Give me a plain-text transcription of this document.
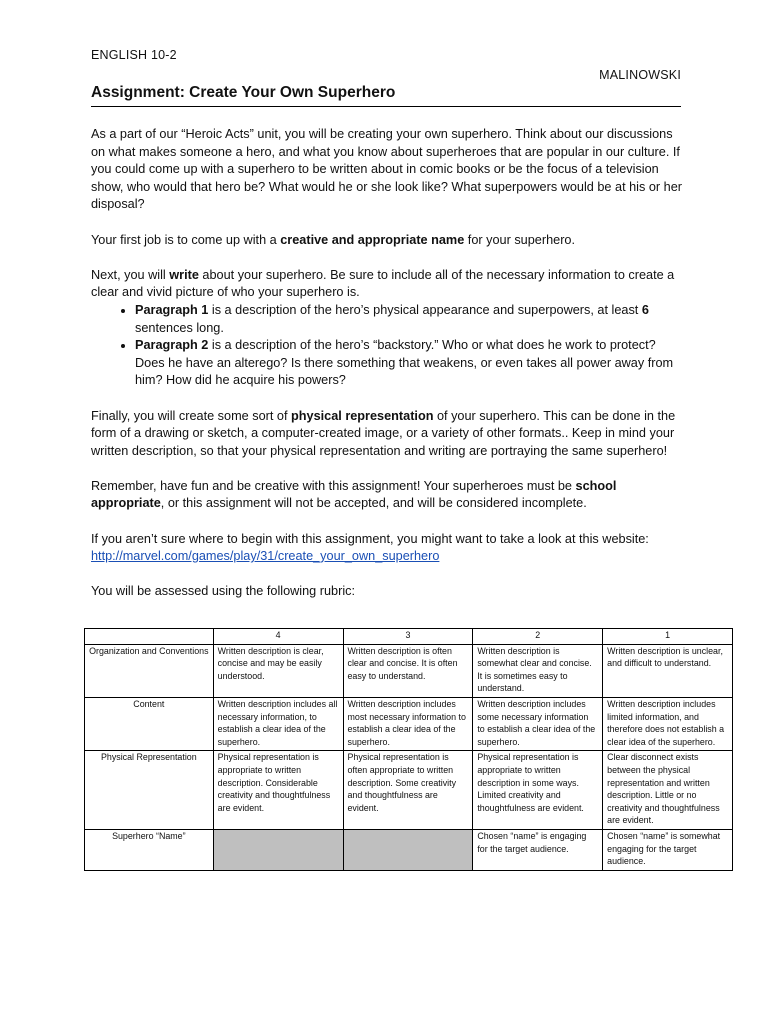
ENGLISH 10-2
MALINOWSKI
Assignment: Create Your Own Superhero

As a part of our “Heroic Acts” unit, you will be creating your own superhero. Think about our discussions on what makes someone a hero, and what you know about superheroes that are popular in our culture. If you could come up with a superhero to be written about in comic books or be the focus of a television show, who would that hero be? What would he or she look like? What superpowers would be at his or her disposal?

Your first job is to come up with a creative and appropriate name for your superhero.

Next, you will write about your superhero. Be sure to include all of the necessary information to create a clear and vivid picture of who your superhero is.

• Paragraph 1 is a description of the hero’s physical appearance and superpowers, at least 6 sentences long.
• Paragraph 2 is a description of the hero’s “backstory.” Who or what does he work to protect? Does he have an alterego? Is there something that weakens, or even takes all power away from him? How did he acquire his powers?

Finally, you will create some sort of physical representation of your superhero. This can be done in the form of a drawing or sketch, a computer-created image, or a variety of other formats.. Keep in mind your written description, so that your physical representation and writing are portraying the same superhero!

Remember, have fun and be creative with this assignment! Your superheroes must be school appropriate, or this assignment will not be accepted, and will be considered incomplete.

If you aren’t sure where to begin with this assignment, you might want to take a look at this website:
http://marvel.com/games/play/31/create_your_own_superhero

You will be assessed using the following rubric:

	4	3	2	1
Organization and Conventions	Written description is clear, concise and may be easily understood.	Written description is often clear and concise. It is often easy to understand.	Written description is somewhat clear and concise. It is sometimes easy to understand.	Written description is unclear, and difficult to understand.
Content	Written description includes all necessary information, to establish a clear idea of the superhero.	Written description includes most necessary information to establish a clear idea of the superhero.	Written description includes some necessary information to establish a clear idea of the superhero.	Written description includes limited information, and therefore does not establish a clear idea of the superhero.
Physical Representation	Physical representation is appropriate to written description. Considerable creativity and thoughtfulness are evident.	Physical representation is often appropriate to written description. Some creativity and thoughtfulness are evident.	Physical representation is appropriate to written description in some ways. Limited creativity and thoughtfulness are evident.	Clear disconnect exists between the physical representation and written description. Little or no creativity and thoughtfulness are evident.
Superhero “Name”			Chosen “name” is engaging for the target audience.	Chosen “name” is somewhat engaging for the target audience.
